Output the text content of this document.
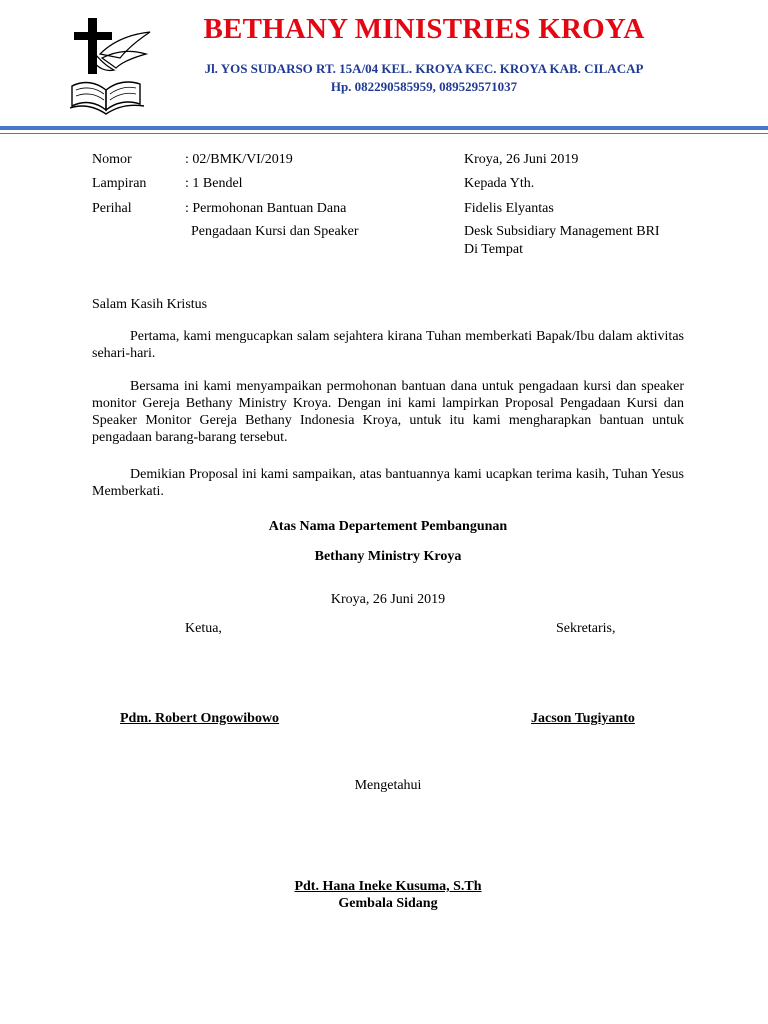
BETHANY MINISTRIES KROYA
Jl. YOS SUDARSO RT. 15A/04 KEL. KROYA KEC. KROYA KAB. CILACAP
Hp. 082290585959, 089529571037
Nomor	: 02/BMK/VI/2019
Lampiran	: 1 Bendel
Perihal	: Permohonan Bantuan Dana
Pengadaan Kursi dan Speaker
Kroya, 26 Juni 2019
Kepada Yth.
Fidelis Elyantas
Desk Subsidiary Management BRI
Di Tempat
Salam Kasih Kristus
Pertama, kami mengucapkan salam sejahtera kirana Tuhan memberkati Bapak/Ibu dalam aktivitas sehari-hari.
Bersama ini kami menyampaikan permohonan bantuan dana untuk pengadaan kursi dan speaker monitor Gereja Bethany Ministry Kroya. Dengan ini kami lampirkan Proposal Pengadaan Kursi dan Speaker Monitor Gereja Bethany Indonesia Kroya, untuk itu kami mengharapkan bantuan untuk pengadaan barang-barang tersebut.
Demikian Proposal ini kami sampaikan, atas bantuannya kami ucapkan terima kasih, Tuhan Yesus Memberkati.
Atas Nama Departement Pembangunan
Bethany Ministry Kroya
Kroya, 26 Juni 2019
Ketua,	Sekretaris,
Pdm. Robert Ongowibowo	Jacson Tugiyanto
Mengetahui
Pdt. Hana Ineke Kusuma, S.Th
Gembala Sidang
